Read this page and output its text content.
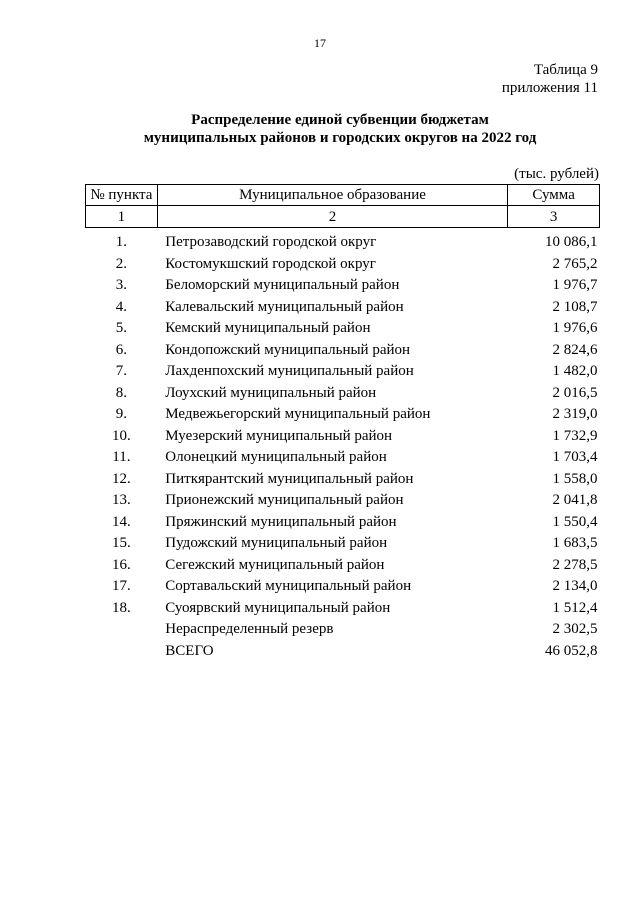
17
Таблица 9
приложения 11
Распределение единой субвенции бюджетам
муниципальных районов и городских округов на 2022 год
(тыс. рублей)
№ пункта	Муниципальное образование	Сумма
1	2	3
1.	Петрозаводский городской округ	10 086,1
2.	Костомукшский городской округ	2 765,2
3.	Беломорский муниципальный район	1 976,7
4.	Калевальский муниципальный район	2 108,7
5.	Кемский муниципальный район	1 976,6
6.	Кондопожский муниципальный район	2 824,6
7.	Лахденпохский муниципальный район	1 482,0
8.	Лоухский муниципальный район	2 016,5
9.	Медвежьегорский муниципальный район	2 319,0
10.	Муезерский муниципальный район	1 732,9
11.	Олонецкий муниципальный район	1 703,4
12.	Питкярантский муниципальный район	1 558,0
13.	Прионежский муниципальный район	2 041,8
14.	Пряжинский муниципальный район	1 550,4
15.	Пудожский муниципальный район	1 683,5
16.	Сегежский муниципальный район	2 278,5
17.	Сортавальский муниципальный район	2 134,0
18.	Суоярвский муниципальный район	1 512,4
	Нераспределенный резерв	2 302,5
	ВСЕГО	46 052,8
